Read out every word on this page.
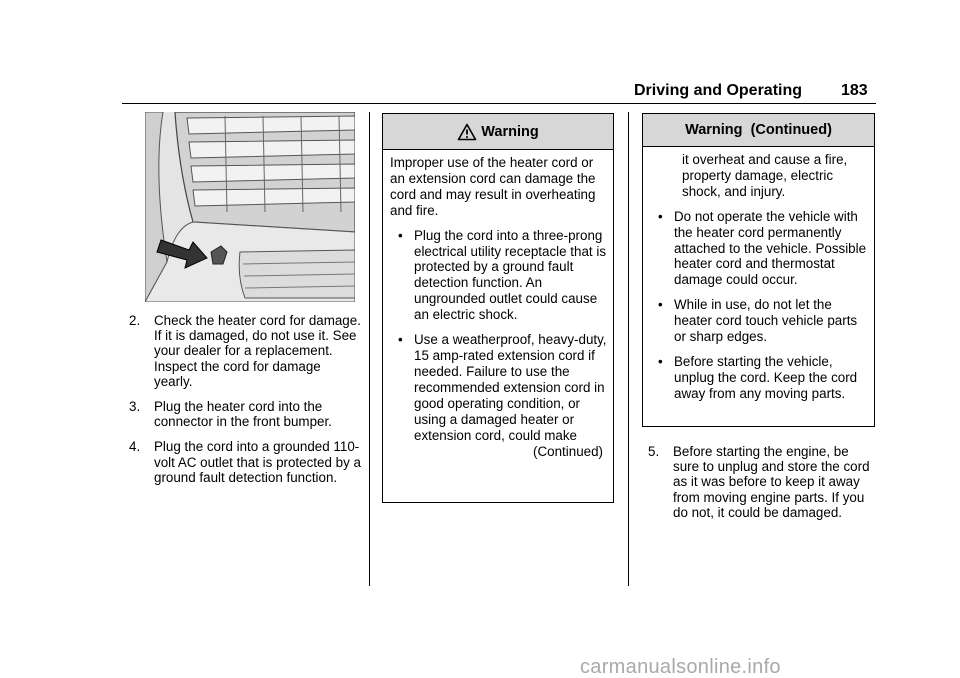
Driving and Operating 183
2.	Check the heater cord for damage. If it is damaged, do not use it. See your dealer for a replacement. Inspect the cord for damage yearly.
3.	Plug the heater cord into the connector in the front bumper.
4.	Plug the cord into a grounded 110-volt AC outlet that is protected by a ground fault detection function.
Warning
Improper use of the heater cord or an extension cord can damage the cord and may result in overheating and fire.
• Plug the cord into a three-prong electrical utility receptacle that is protected by a ground fault detection function. An ungrounded outlet could cause an electric shock.
• Use a weatherproof, heavy-duty, 15 amp-rated extension cord if needed. Failure to use the recommended extension cord in good operating condition, or using a damaged heater or extension cord, could make
(Continued)
Warning  (Continued)
it overheat and cause a fire, property damage, electric shock, and injury.
• Do not operate the vehicle with the heater cord permanently attached to the vehicle. Possible heater cord and thermostat damage could occur.
• While in use, do not let the heater cord touch vehicle parts or sharp edges.
• Before starting the vehicle, unplug the cord. Keep the cord away from any moving parts.
5.	Before starting the engine, be sure to unplug and store the cord as it was before to keep it away from moving engine parts. If you do not, it could be damaged.
carmanualsonline.info
